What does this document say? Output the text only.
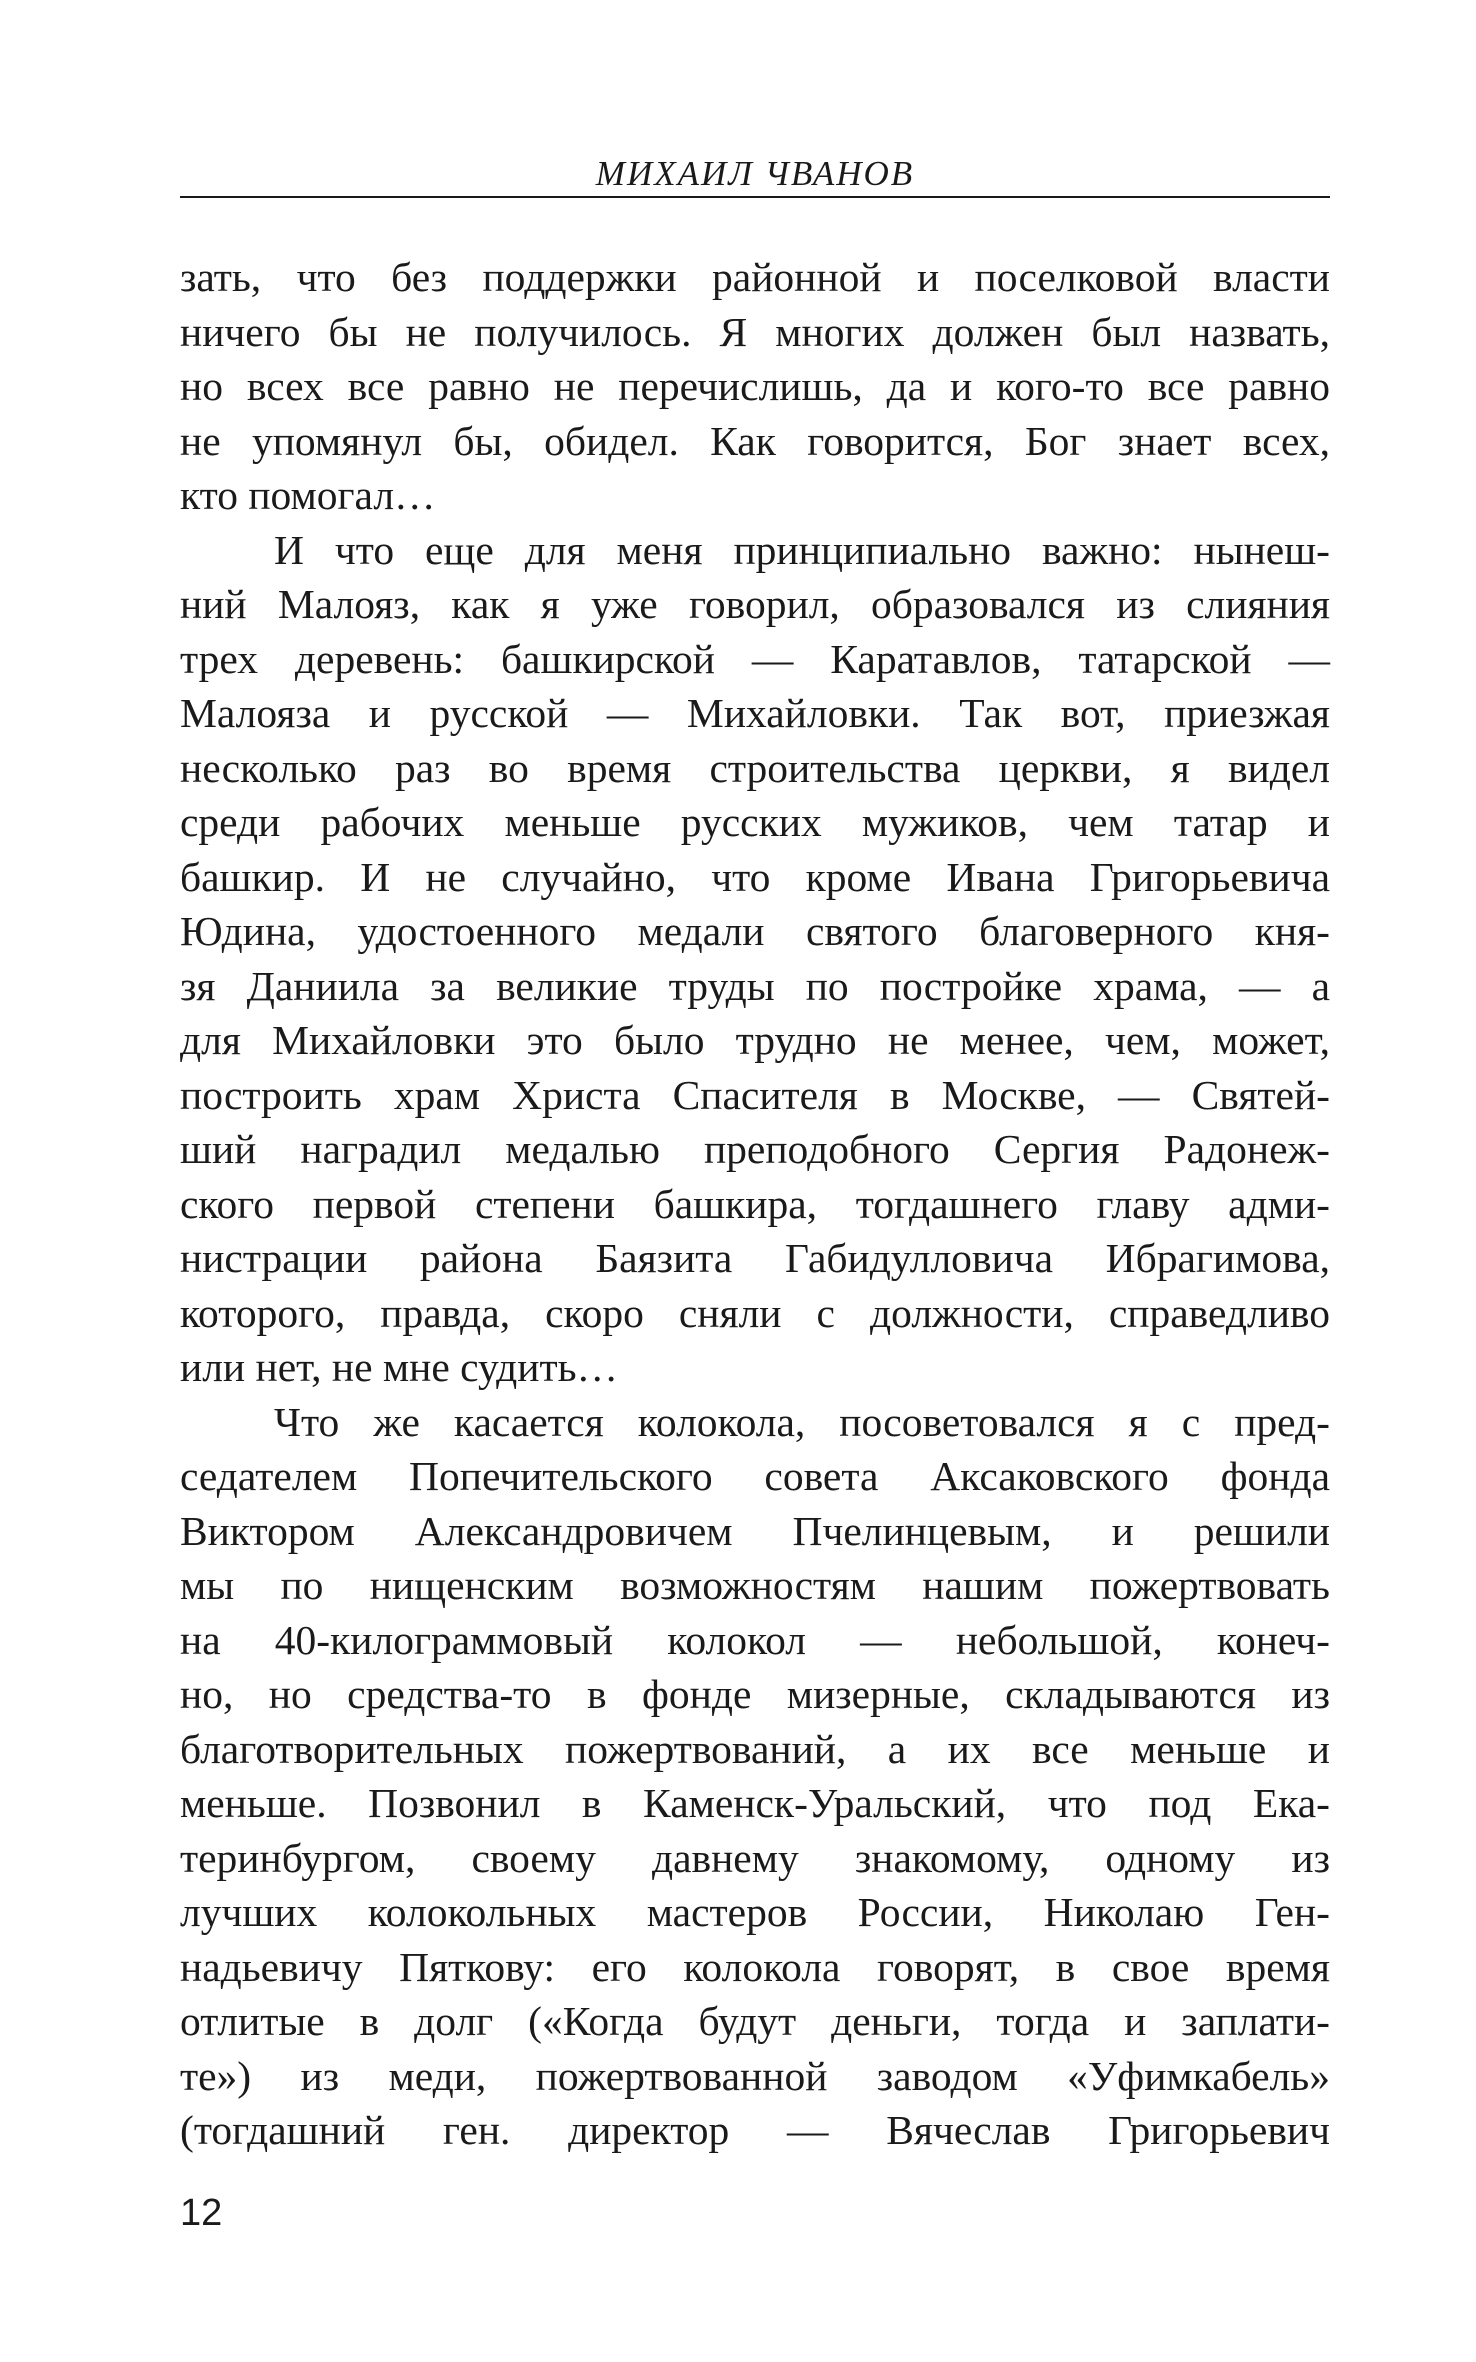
МИХАИЛ ЧВАНОВ

зать, что без поддержки районной и поселковой власти
ничего бы не получилось. Я многих должен был назвать,
но всех все равно не перечислишь, да и кого-то все равно
не упомянул бы, обидел. Как говорится, Бог знает всех,
кто помогал…

И что еще для меня принципиально важно: нынеш-
ний Малояз, как я уже говорил, образовался из слияния
трех деревень: башкирской — Каратавлов, татарской —
Малояза и русской — Михайловки. Так вот, приезжая
несколько раз во время строительства церкви, я видел
среди рабочих меньше русских мужиков, чем татар и
башкир. И не случайно, что кроме Ивана Григорьевича
Юдина, удостоенного медали святого благоверного кня-
зя Даниила за великие труды по постройке храма, — а
для Михайловки это было трудно не менее, чем, может,
построить храм Христа Спасителя в Москве, — Святей-
ший наградил медалью преподобного Сергия Радонеж-
ского первой степени башкира, тогдашнего главу адми-
нистрации района Баязита Габидулловича Ибрагимова,
которого, правда, скоро сняли с должности, справедливо
или нет, не мне судить…

Что же касается колокола, посоветовался я с пред-
седателем Попечительского совета Аксаковского фонда
Виктором Александровичем Пчелинцевым, и решили
мы по нищенским возможностям нашим пожертвовать
на 40-килограммовый колокол — небольшой, конеч-
но, но средства-то в фонде мизерные, складываются из
благотворительных пожертвований, а их все меньше и
меньше. Позвонил в Каменск-Уральский, что под Ека-
теринбургом, своему давнему знакомому, одному из
лучших колокольных мастеров России, Николаю Ген-
надьевичу Пяткову: его колокола говорят, в свое время
отлитые в долг («Когда будут деньги, тогда и заплати-
те») из меди, пожертвованной заводом «Уфимкабель»
(тогдашний ген. директор — Вячеслав Григорьевич

12
